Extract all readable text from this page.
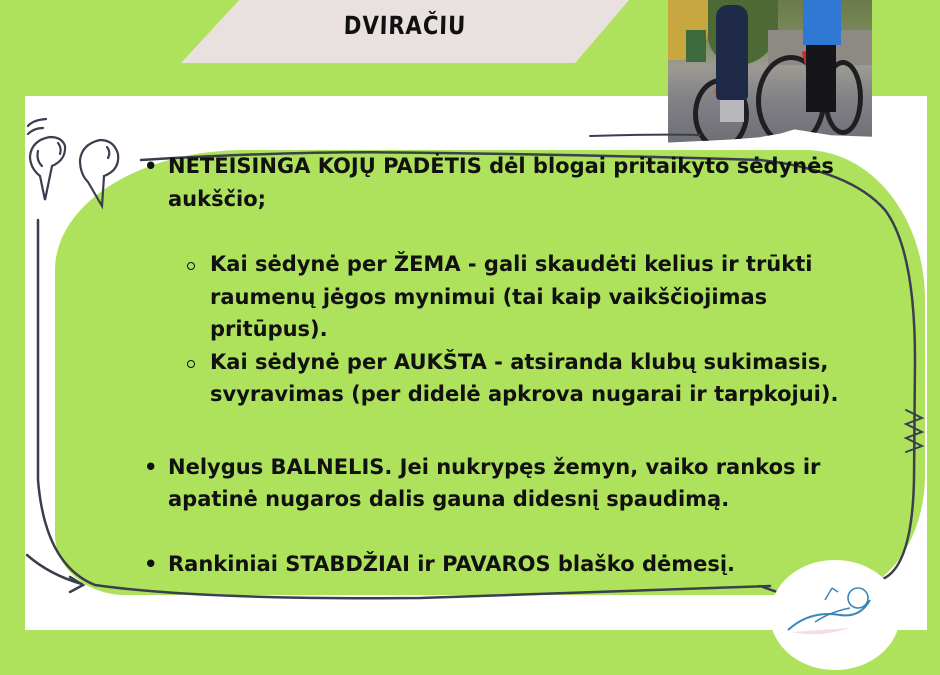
DVIRAČIU
• NETEISINGA KOJŲ PADĖTIS dėl blogai pritaikyto sėdynės aukščio;
Kai sėdynė per ŽEMA - gali skaudėti kelius ir trūkti raumenų jėgos mynimui (tai kaip vaikščiojimas pritūpus).
Kai sėdynė per AUKŠTA - atsiranda klubų sukimasis, svyravimas (per didelė apkrova nugarai ir tarpkojui).
• Nelygus BALNELIS. Jei nukrypęs žemyn, vaiko rankos ir apatinė nugaros dalis gauna didesnį spaudimą.
• Rankiniai STABDŽIAI ir PAVAROS blaško dėmesį.
